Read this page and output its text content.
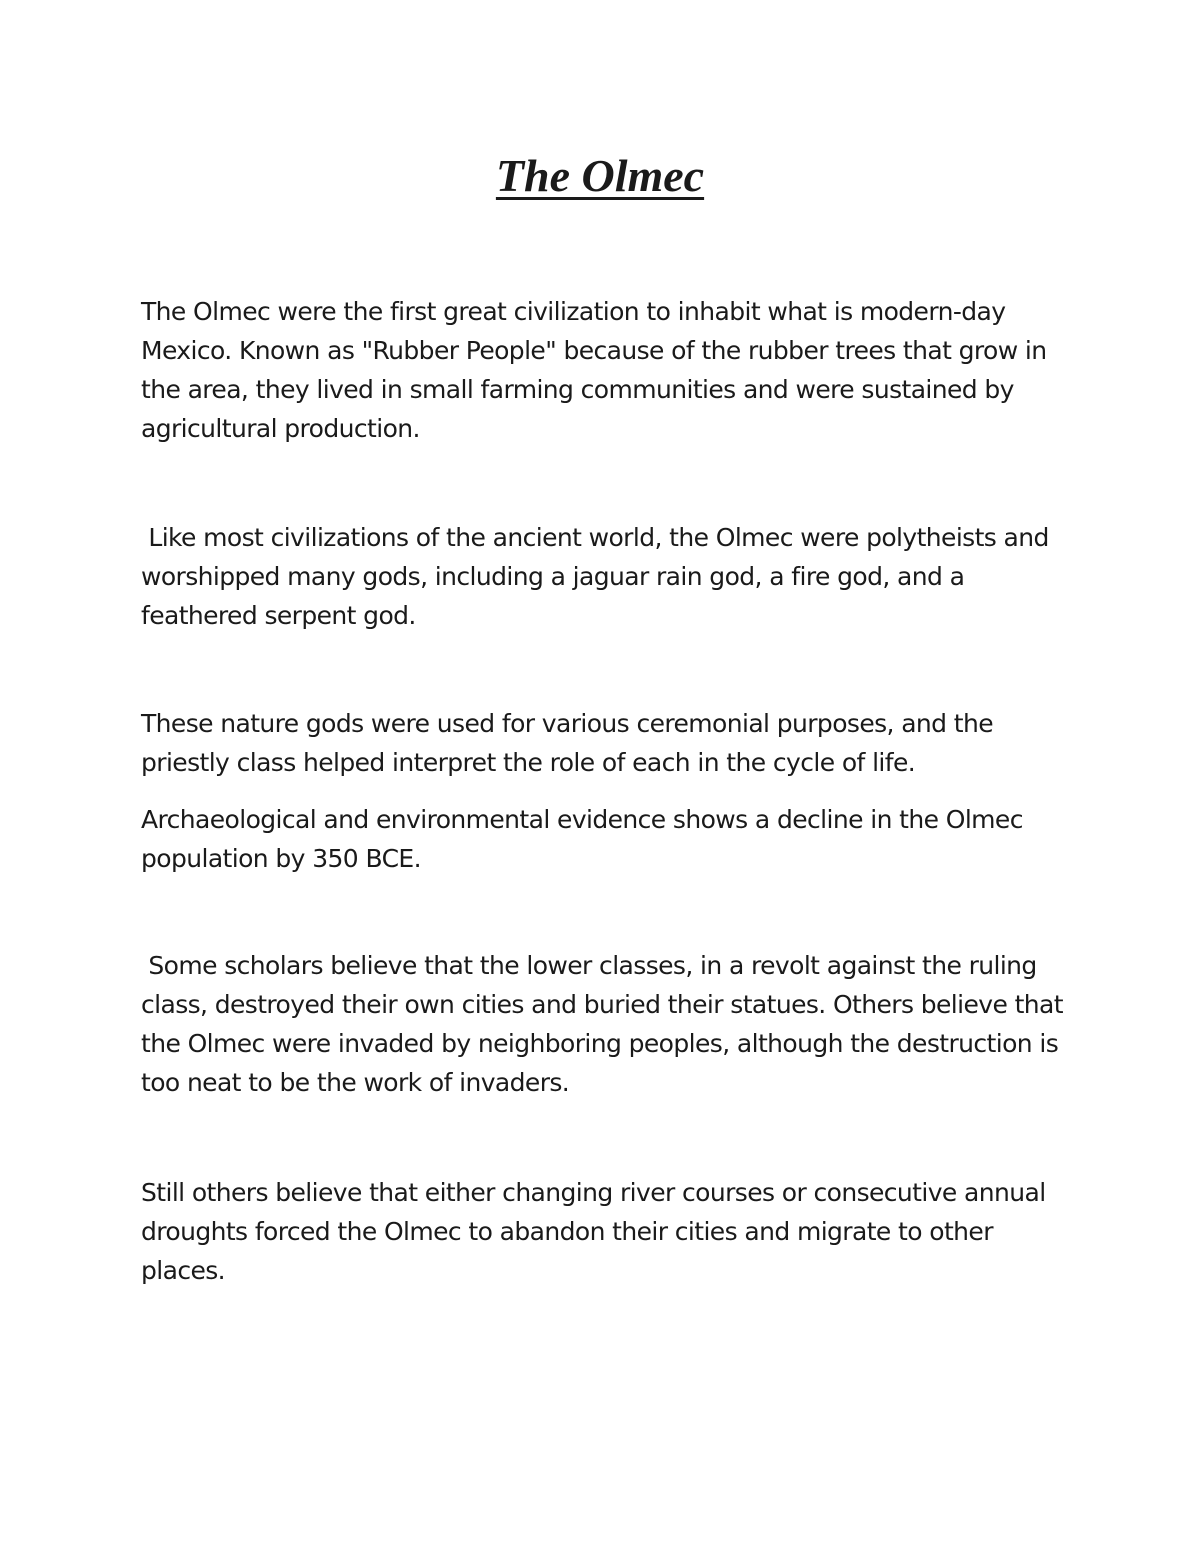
The Olmec

The Olmec were the first great civilization to inhabit what is modern-day Mexico. Known as "Rubber People" because of the rubber trees that grow in the area, they lived in small farming communities and were sustained by agricultural production.

Like most civilizations of the ancient world, the Olmec were polytheists and worshipped many gods, including a jaguar rain god, a fire god, and a feathered serpent god.

These nature gods were used for various ceremonial purposes, and the priestly class helped interpret the role of each in the cycle of life.

Archaeological and environmental evidence shows a decline in the Olmec population by 350 BCE.

Some scholars believe that the lower classes, in a revolt against the ruling class, destroyed their own cities and buried their statues. Others believe that the Olmec were invaded by neighboring peoples, although the destruction is too neat to be the work of invaders.

Still others believe that either changing river courses or consecutive annual droughts forced the Olmec to abandon their cities and migrate to other places.
